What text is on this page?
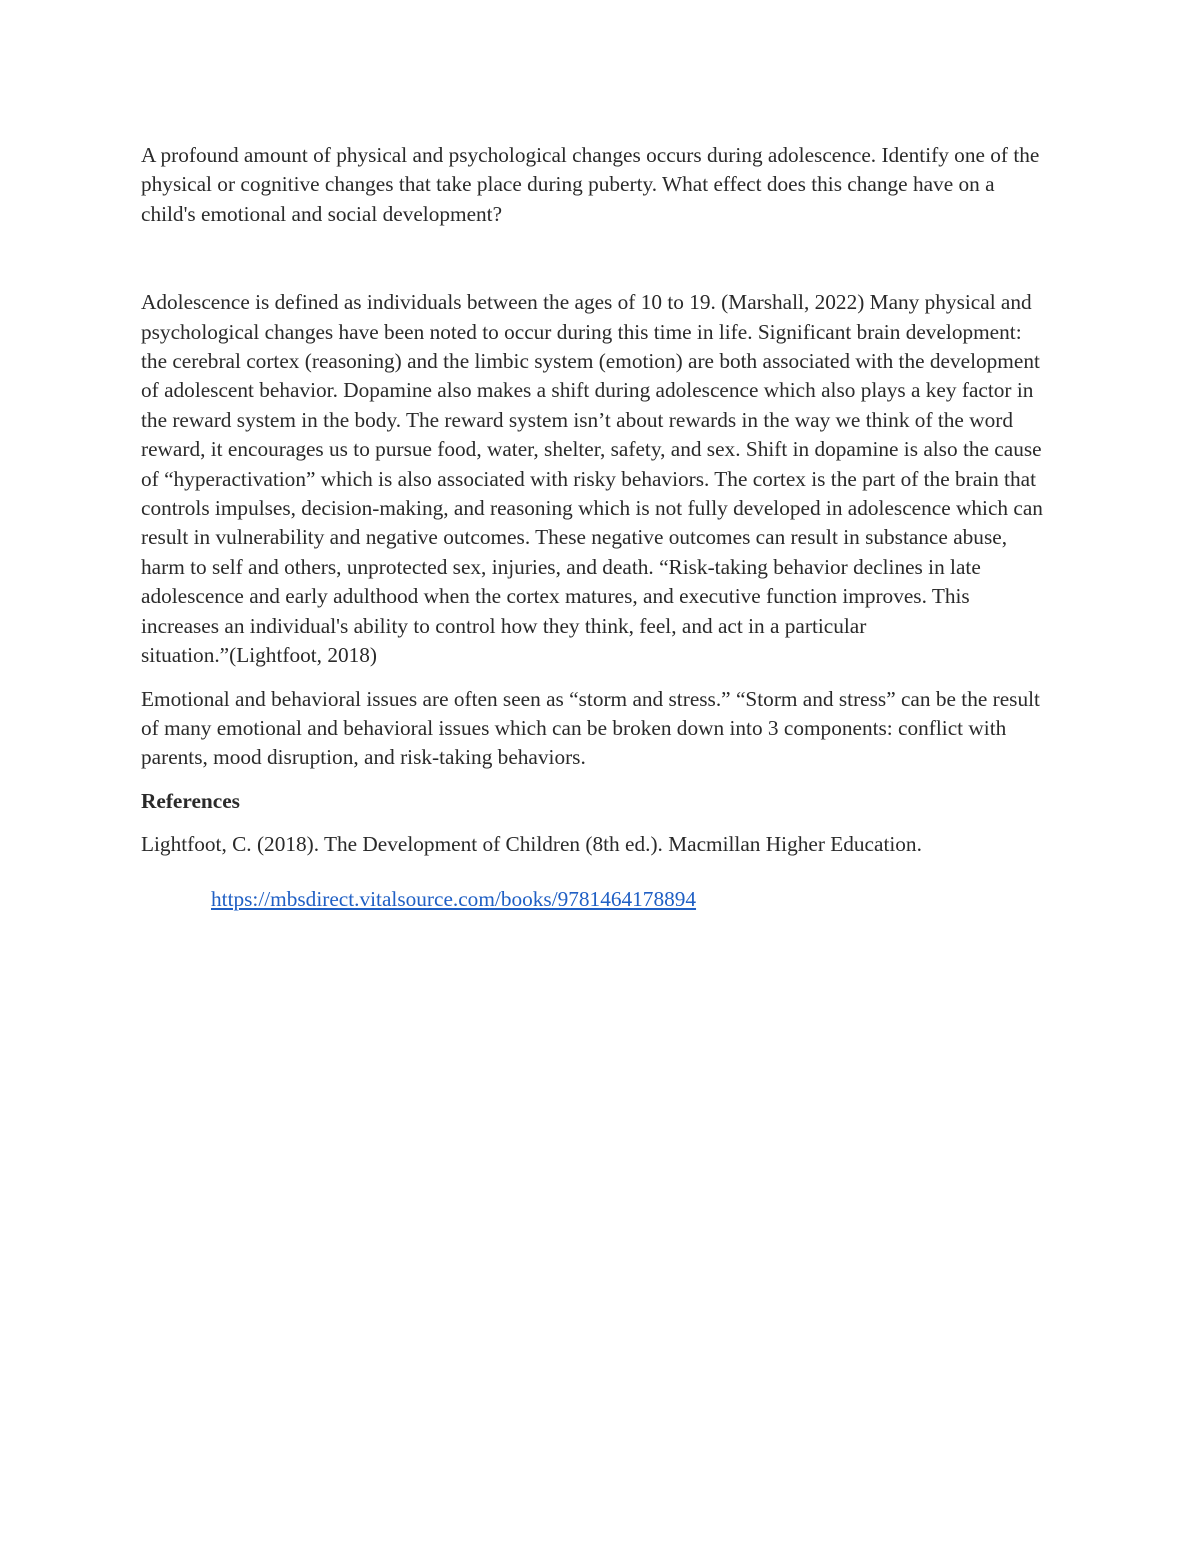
A profound amount of physical and psychological changes occurs during adolescence. Identify one of the physical or cognitive changes that take place during puberty. What effect does this change have on a child's emotional and social development?

Adolescence is defined as individuals between the ages of 10 to 19. (Marshall, 2022) Many physical and psychological changes have been noted to occur during this time in life. Significant brain development: the cerebral cortex (reasoning) and the limbic system (emotion) are both associated with the development of adolescent behavior. Dopamine also makes a shift during adolescence which also plays a key factor in the reward system in the body. The reward system isn’t about rewards in the way we think of the word reward, it encourages us to pursue food, water, shelter, safety, and sex. Shift in dopamine is also the cause of “hyperactivation” which is also associated with risky behaviors. The cortex is the part of the brain that controls impulses, decision-making, and reasoning which is not fully developed in adolescence which can result in vulnerability and negative outcomes. These negative outcomes can result in substance abuse, harm to self and others, unprotected sex, injuries, and death. “Risk-taking behavior declines in late adolescence and early adulthood when the cortex matures, and executive function improves. This increases an individual's ability to control how they think, feel, and act in a particular situation.”(Lightfoot, 2018)

Emotional and behavioral issues are often seen as “storm and stress.” “Storm and stress” can be the result of many emotional and behavioral issues which can be broken down into 3 components: conflict with parents, mood disruption, and risk-taking behaviors.

References

Lightfoot, C. (2018). The Development of Children (8th ed.). Macmillan Higher Education.

https://mbsdirect.vitalsource.com/books/9781464178894
